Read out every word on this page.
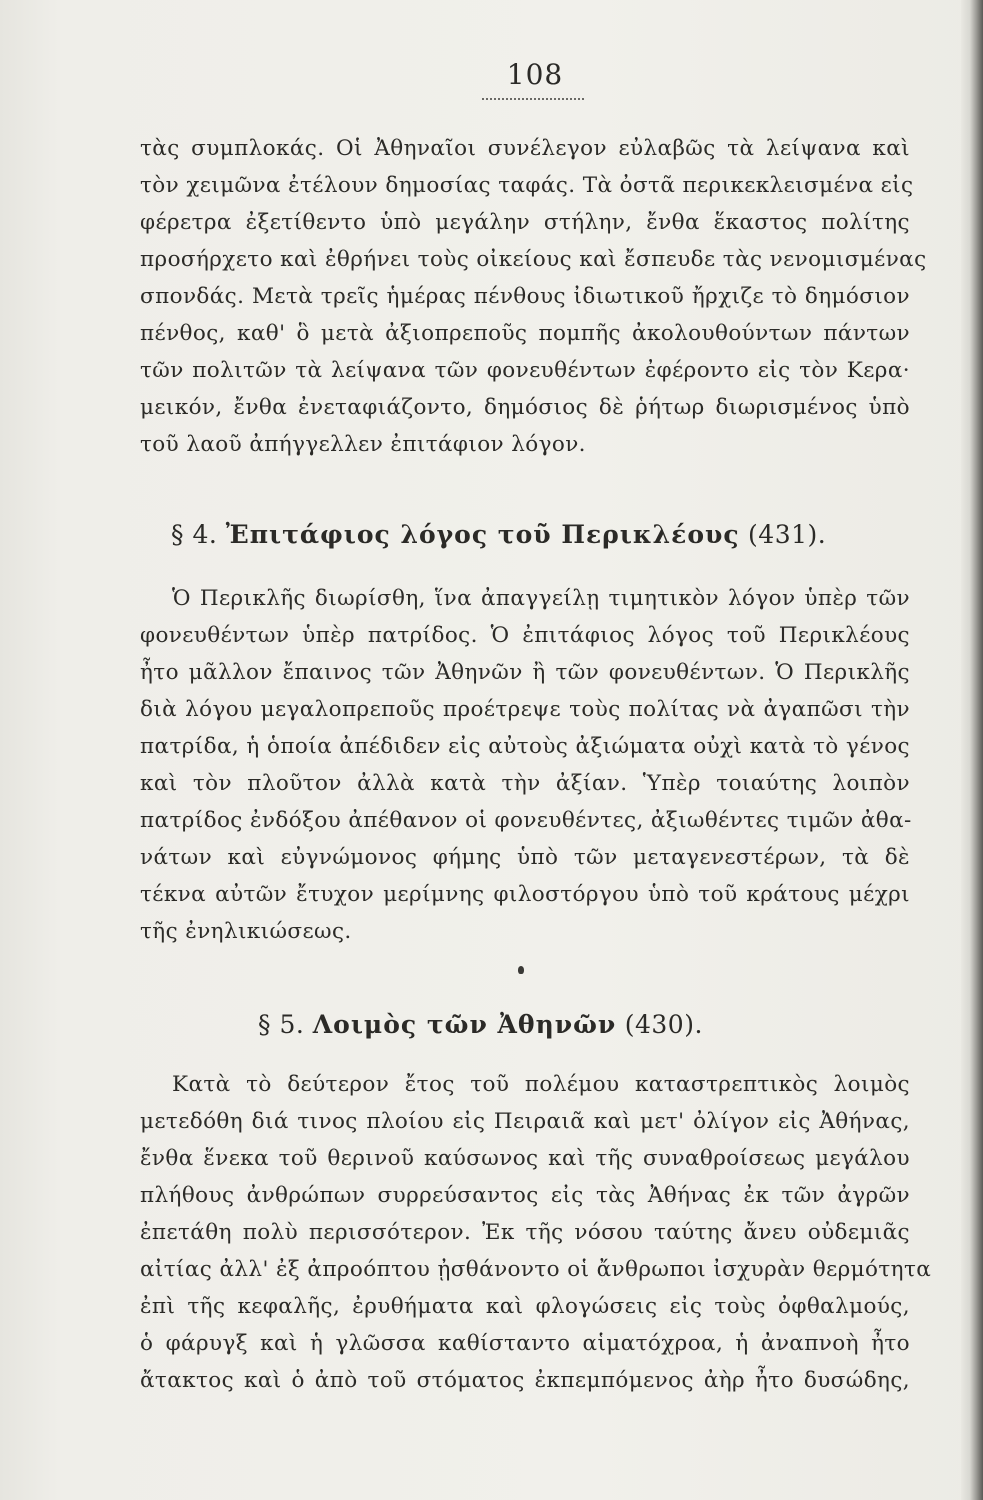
108
τὰς συμπλοκάς. Οἱ Ἀθηναῖοι συνέλεγον εὐλαβῶς τὰ λείψανα καὶ
τὸν χειμῶνα ἐτέλουν δημοσίας ταφάς. Τὰ ὀστᾶ περικεκλεισμένα εἰς
φέρετρα ἐξετίθεντο ὑπὸ μεγάλην στήλην, ἔνθα ἕκαστος πολίτης
προσήρχετο καὶ ἐθρήνει τοὺς οἰκείους καὶ ἔσπευδε τὰς νενομισμένας
σπονδάς. Μετὰ τρεῖς ἡμέρας πένθους ἰδιωτικοῦ ἤρχιζε τὸ δημόσιον
πένθος, καθ' ὃ μετὰ ἀξιοπρεποῦς πομπῆς ἀκολουθούντων πάντων
τῶν πολιτῶν τὰ λείψανα τῶν φονευθέντων ἐφέροντο εἰς τὸν Κερα·
μεικόν, ἔνθα ἐνεταφιάζοντο, δημόσιος δὲ ῥήτωρ διωρισμένος ὑπὸ
τοῦ λαοῦ ἀπήγγελλεν ἐπιτάφιον λόγον.
§ 4. Ἐπιτάφιος λόγος τοῦ Περικλέους (431).
Ὁ Περικλῆς διωρίσθη, ἵνα ἀπαγγείλῃ τιμητικὸν λόγον ὑπὲρ τῶν
φονευθέντων ὑπὲρ πατρίδος. Ὁ ἐπιτάφιος λόγος τοῦ Περικλέους
ἦτο μᾶλλον ἔπαινος τῶν Ἀθηνῶν ἢ τῶν φονευθέντων. Ὁ Περικλῆς
διὰ λόγου μεγαλοπρεποῦς προέτρεψε τοὺς πολίτας νὰ ἀγαπῶσι τὴν
πατρίδα, ἡ ὁποία ἀπέδιδεν εἰς αὐτοὺς ἀξιώματα οὐχὶ κατὰ τὸ γένος
καὶ τὸν πλοῦτον ἀλλὰ κατὰ τὴν ἀξίαν. Ὑπὲρ τοιαύτης λοιπὸν
πατρίδος ἐνδόξου ἀπέθανον οἱ φονευθέντες, ἀξιωθέντες τιμῶν ἀθα-
νάτων καὶ εὐγνώμονος φήμης ὑπὸ τῶν μεταγενεστέρων, τὰ δὲ
τέκνα αὐτῶν ἔτυχον μερίμνης φιλοστόργου ὑπὸ τοῦ κράτους μέχρι
τῆς ἐνηλικιώσεως.
§ 5. Λοιμὸς τῶν Ἀθηνῶν (430).
Κατὰ τὸ δεύτερον ἔτος τοῦ πολέμου καταστρεπτικὸς λοιμὸς
μετεδόθη διά τινος πλοίου εἰς Πειραιᾶ καὶ μετ' ὀλίγον εἰς Ἀθήνας,
ἔνθα ἕνεκα τοῦ θερινοῦ καύσωνος καὶ τῆς συναθροίσεως μεγάλου
πλήθους ἀνθρώπων συρρεύσαντος εἰς τὰς Ἀθήνας ἐκ τῶν ἀγρῶν
ἐπετάθη πολὺ περισσότερον. Ἐκ τῆς νόσου ταύτης ἄνευ οὐδεμιᾶς
αἰτίας ἀλλ' ἐξ ἀπροόπτου ᾐσθάνοντο οἱ ἄνθρωποι ἰσχυρὰν θερμότητα
ἐπὶ τῆς κεφαλῆς, ἐρυθήματα καὶ φλογώσεις εἰς τοὺς ὀφθαλμούς,
ὁ φάρυγξ καὶ ἡ γλῶσσα καθίσταντο αἱματόχροα, ἡ ἀναπνοὴ ἦτο
ἄτακτος καὶ ὁ ἀπὸ τοῦ στόματος ἐκπεμπόμενος ἀὴρ ἦτο δυσώδης,
